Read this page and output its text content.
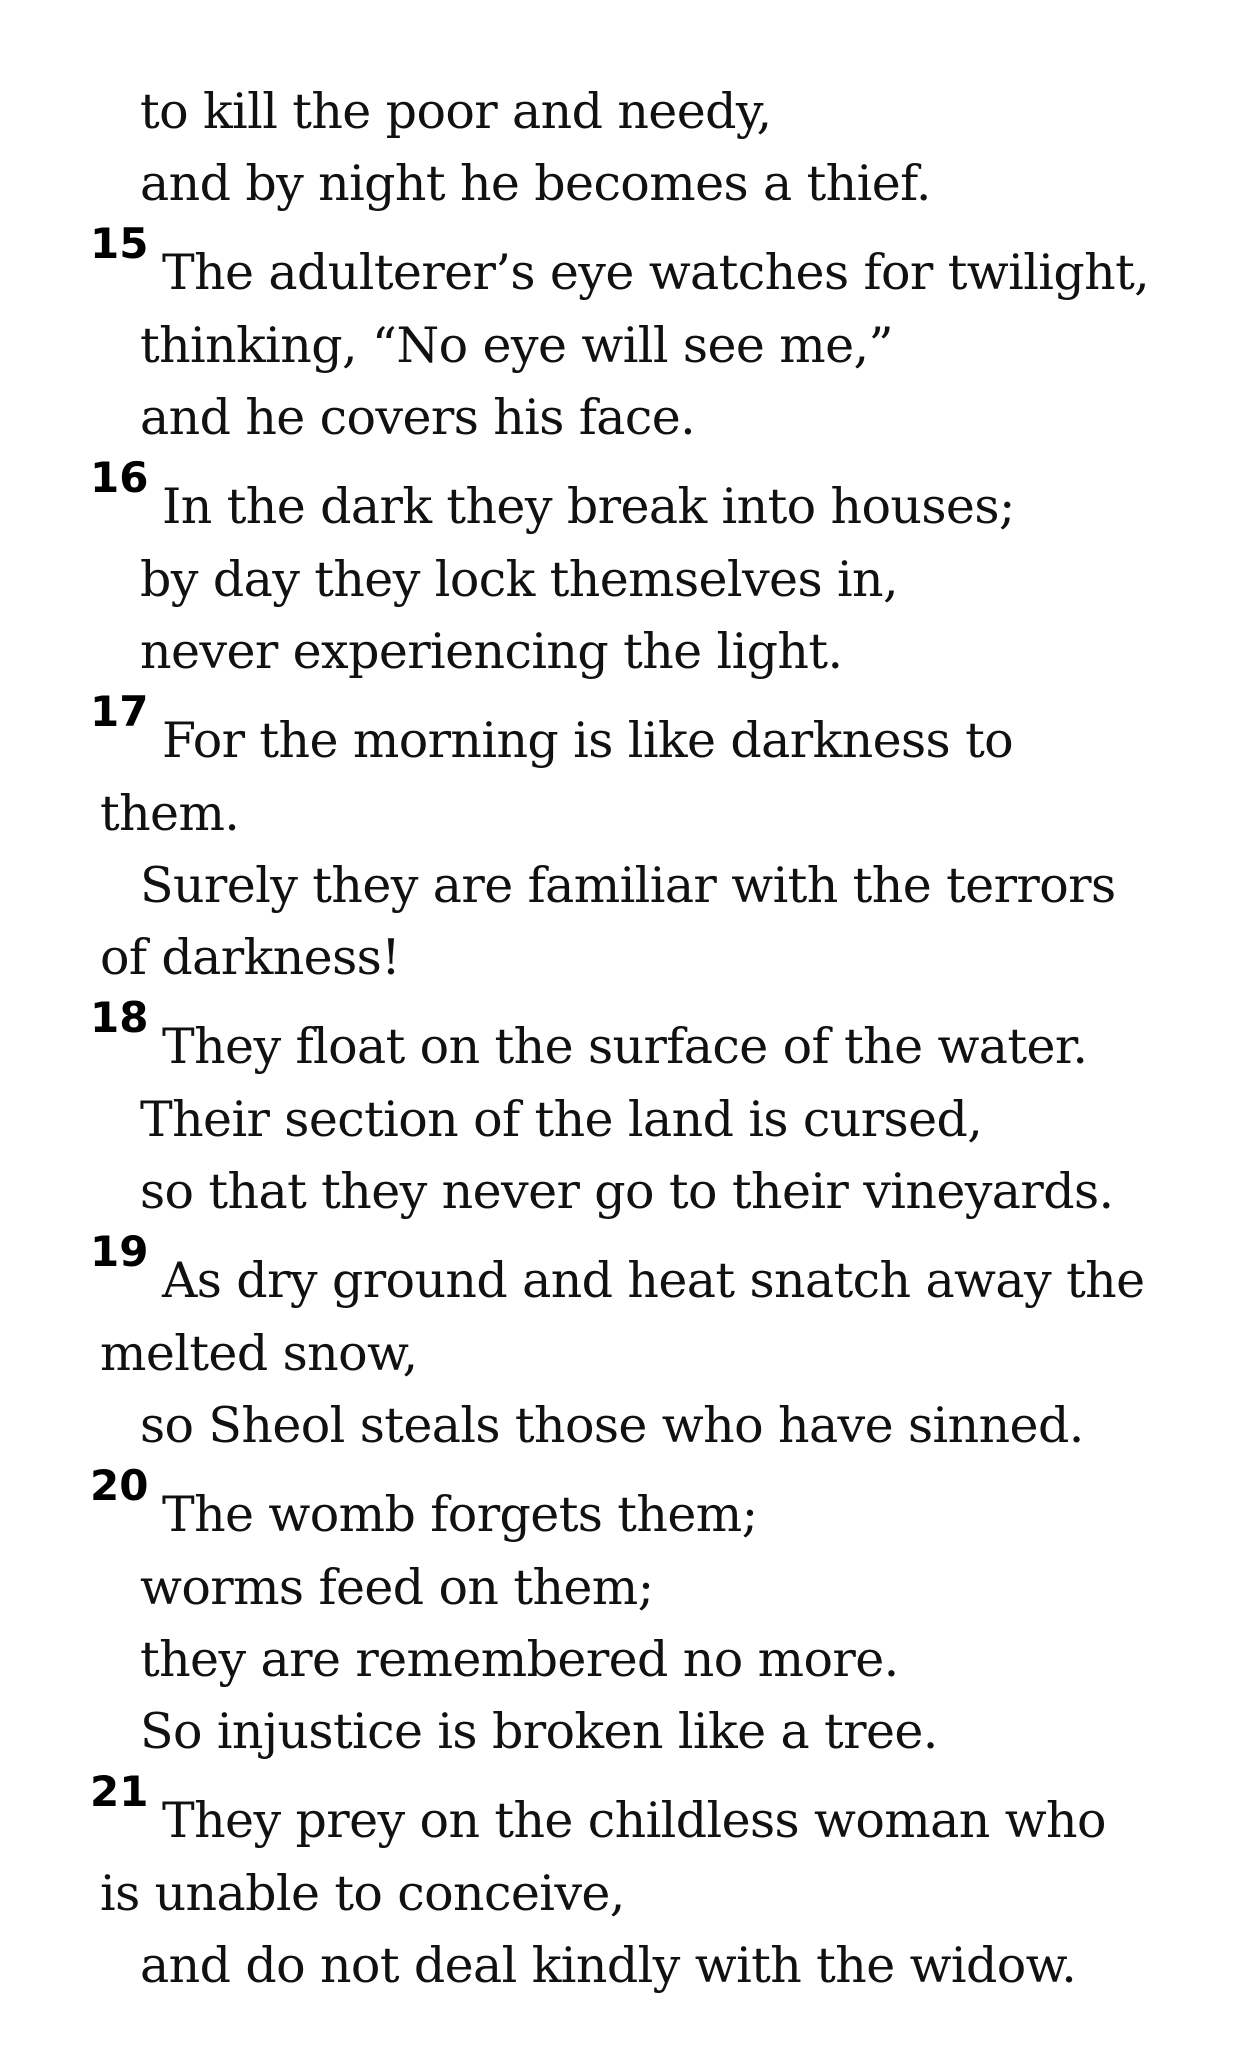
to kill the poor and needy,
and by night he becomes a thief.
15
The adulterer’s eye watches for twilight,
thinking, “No eye will see me,”
and he covers his face.
16
In the dark they break into houses;
by day they lock themselves in,
never experiencing the light.
17
For the morning is like darkness to
them.
Surely they are familiar with the terrors
of darkness!
18
They float on the surface of the water.
Their section of the land is cursed,
so that they never go to their vineyards.
19
As dry ground and heat snatch away the
melted snow,
so Sheol steals those who have sinned.
20
The womb forgets them;
worms feed on them;
they are remembered no more.
So injustice is broken like a tree.
21
They prey on the childless woman who
is unable to conceive,
and do not deal kindly with the widow.
